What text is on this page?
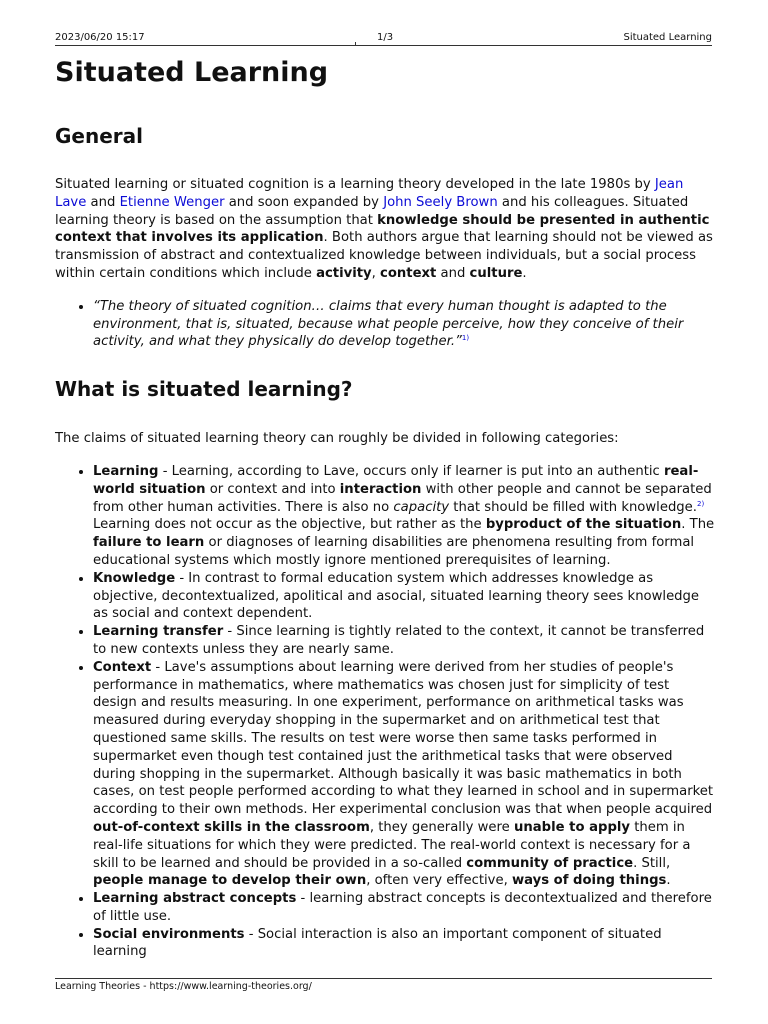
2023/06/20 15:17	1/3	Situated Learning
Situated Learning
General

Situated learning or situated cognition is a learning theory developed in the late 1980s by Jean Lave and Etienne Wenger and soon expanded by John Seely Brown and his colleagues. Situated learning theory is based on the assumption that knowledge should be presented in authentic context that involves its application. Both authors argue that learning should not be viewed as transmission of abstract and contextualized knowledge between individuals, but a social process within certain conditions which include activity, context and culture.

• “The theory of situated cognition… claims that every human thought is adapted to the environment, that is, situated, because what people perceive, how they conceive of their activity, and what they physically do develop together.”$^{1)}$
What is situated learning?

The claims of situated learning theory can roughly be divided in following categories:

• Learning - Learning, according to Lave, occurs only if learner is put into an authentic real-world situation or context and into interaction with other people and cannot be separated from other human activities. There is also no capacity that should be filled with knowledge.$^{2)}$ Learning does not occur as the objective, but rather as the byproduct of the situation. The failure to learn or diagnoses of learning disabilities are phenomena resulting from formal educational systems which mostly ignore mentioned prerequisites of learning.
• Knowledge - In contrast to formal education system which addresses knowledge as objective, decontextualized, apolitical and asocial, situated learning theory sees knowledge as social and context dependent.
• Learning transfer - Since learning is tightly related to the context, it cannot be transferred to new contexts unless they are nearly same.
• Context - Lave's assumptions about learning were derived from her studies of people's performance in mathematics, where mathematics was chosen just for simplicity of test design and results measuring. In one experiment, performance on arithmetical tasks was measured during everyday shopping in the supermarket and on arithmetical test that questioned same skills. The results on test were worse then same tasks performed in supermarket even though test contained just the arithmetical tasks that were observed during shopping in the supermarket. Although basically it was basic mathematics in both cases, on test people performed according to what they learned in school and in supermarket according to their own methods. Her experimental conclusion was that when people acquired out-of-context skills in the classroom, they generally were unable to apply them in real-life situations for which they were predicted. The real-world context is necessary for a skill to be learned and should be provided in a so-called community of practice. Still, people manage to develop their own, often very effective, ways of doing things.
• Learning abstract concepts - learning abstract concepts is decontextualized and therefore of little use.
• Social environments - Social interaction is also an important component of situated learning
Learning Theories - https://www.learning-theories.org/
